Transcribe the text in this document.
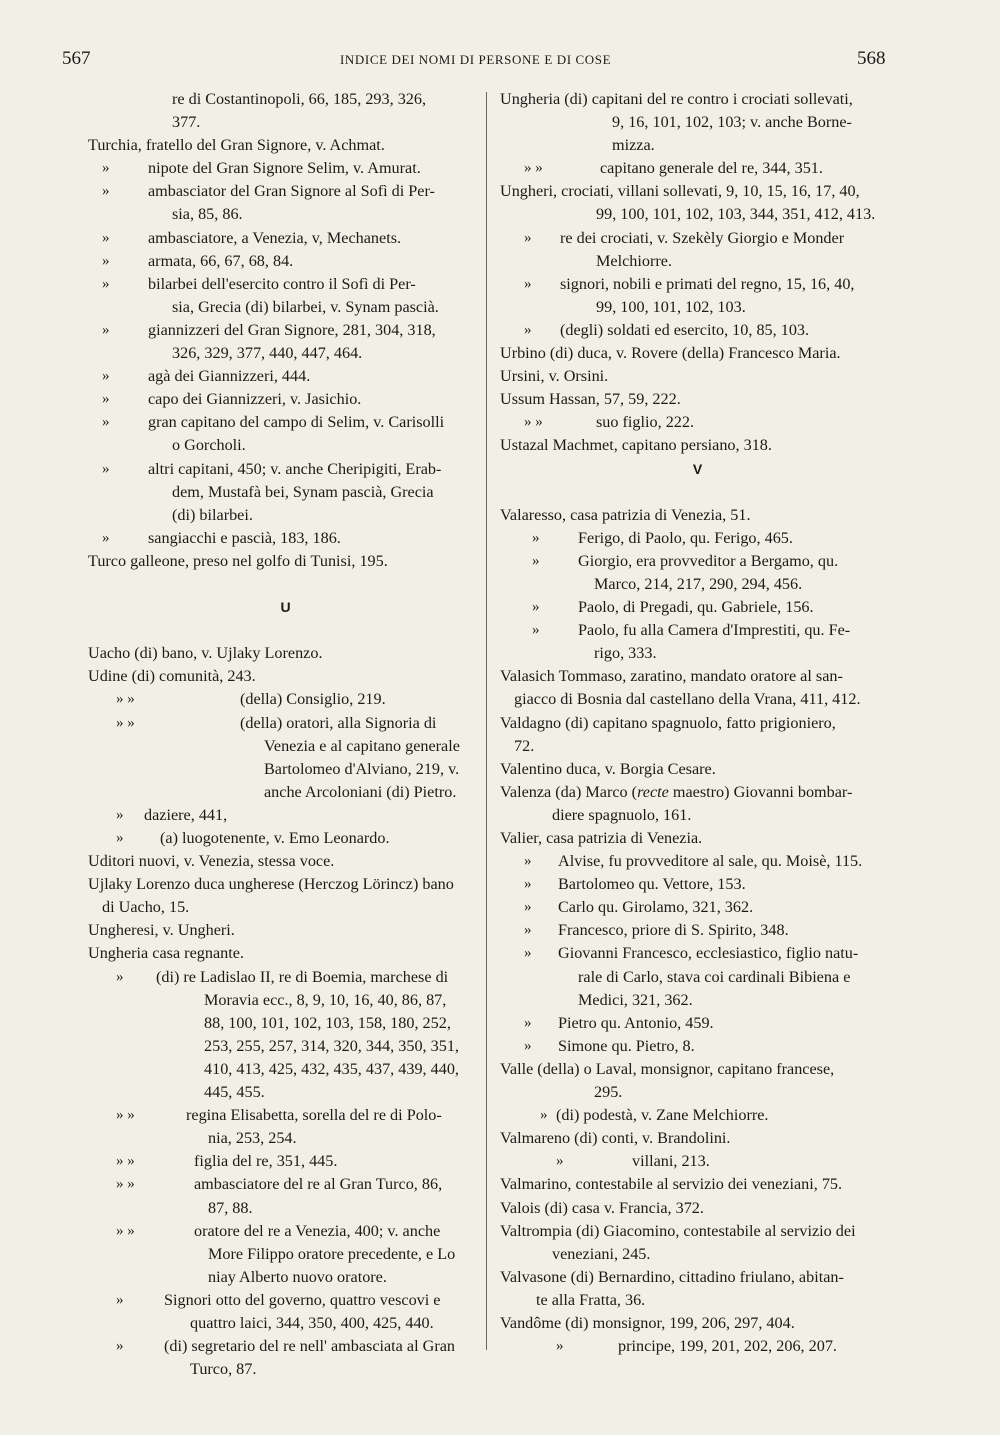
567	INDICE DEI NOMI DI PERSONE E DI COSE	568
re di Costantinopoli, 66, 185, 293, 326,
377.
Turchia, fratello del Gran Signore, v. Achmat.
» nipote del Gran Signore Selim, v. Amurat.
» ambasciator del Gran Signore al Sofì di Per-
sia, 85, 86.
» ambasciatore, a Venezia, v, Mechanets.
» armata, 66, 67, 68, 84.
» bilarbei dell'esercito contro il Sofì di Per-
sia, Grecia (di) bilarbei, v. Synam pascià.
» giannizzeri del Gran Signore, 281, 304, 318,
326, 329, 377, 440, 447, 464.
» agà dei Giannizzeri, 444.
» capo dei Giannizzeri, v. Jasichio.
» gran capitano del campo di Selim, v. Carisolli
o Gorcholi.
» altri capitani, 450; v. anche Cheripigiti, Erab-
dem, Mustafà bei, Synam pascià, Grecia
(di) bilarbei.
» sangiacchi e pascià, 183, 186.
Turco galleone, preso nel golfo di Tunisi, 195.
U
Uacho (di) bano, v. Ujlaky Lorenzo.
Udine (di) comunità, 243.
» »	(della) Consiglio, 219.
» »	(della) oratori, alla Signoria di
Venezia e al capitano generale
Bartolomeo d'Alviano, 219, v.
anche Arcoloniani (di) Pietro.
» daziere, 441,
» (a) luogotenente, v. Emo Leonardo.
Uditori nuovi, v. Venezia, stessa voce.
Ujlaky Lorenzo duca ungherese (Herczog Lörincz) bano
di Uacho, 15.
Ungheresi, v. Ungheri.
Ungheria casa regnante.
» (di) re Ladislao II, re di Boemia, marchese di
Moravia ecc., 8, 9, 10, 16, 40, 86, 87,
88, 100, 101, 102, 103, 158, 180, 252,
253, 255, 257, 314, 320, 344, 350, 351,
410, 413, 425, 432, 435, 437, 439, 440,
445, 455.
» »	regina Elisabetta, sorella del re di Polo-
nia, 253, 254.
» »	figlia del re, 351, 445.
» »	ambasciatore del re al Gran Turco, 86,
87, 88.
» »	oratore del re a Venezia, 400; v. anche
More Filippo oratore precedente, e Lo
niay Alberto nuovo oratore.
»	Signori otto del governo, quattro vescovi e
quattro laici, 344, 350, 400, 425, 440.
»	(di) segretario del re nell' ambasciata al Gran
Turco, 87.
Ungheria (di) capitani del re contro i crociati sollevati,
9, 16, 101, 102, 103; v. anche Borne-
mizza.
» »	capitano generale del re, 344, 351.
Ungheri, crociati, villani sollevati, 9, 10, 15, 16, 17, 40,
99, 100, 101, 102, 103, 344, 351, 412, 413.
» re dei crociati, v. Szekèly Giorgio e Monder
Melchiorre.
» signori, nobili e primati del regno, 15, 16, 40,
99, 100, 101, 102, 103.
» (degli) soldati ed esercito, 10, 85, 103.
Urbino (di) duca, v. Rovere (della) Francesco Maria.
Ursini, v. Orsini.
Ussum Hassan, 57, 59, 222.
» »	suo figlio, 222.
Ustazal Machmet, capitano persiano, 318.
V
Valaresso, casa patrizia di Venezia, 51.
» Ferigo, di Paolo, qu. Ferigo, 465.
» Giorgio, era provveditor a Bergamo, qu.
Marco, 214, 217, 290, 294, 456.
» Paolo, di Pregadi, qu. Gabriele, 156.
» Paolo, fu alla Camera d'Imprestiti, qu. Fe-
rigo, 333.
Valasich Tommaso, zaratino, mandato oratore al san-
giacco di Bosnia dal castellano della Vrana, 411, 412.
Valdagno (di) capitano spagnuolo, fatto prigioniero,
72.
Valentino duca, v. Borgia Cesare.
Valenza (da) Marco (recte maestro) Giovanni bombar-
diere spagnuolo, 161.
Valier, casa patrizia di Venezia.
» Alvise, fu provveditore al sale, qu. Moisè, 115.
» Bartolomeo qu. Vettore, 153.
» Carlo qu. Girolamo, 321, 362.
» Francesco, priore di S. Spirito, 348.
» Giovanni Francesco, ecclesiastico, figlio natu-
rale di Carlo, stava coi cardinali Bibiena e
Medici, 321, 362.
» Pietro qu. Antonio, 459.
» Simone qu. Pietro, 8.
Valle (della) o Laval, monsignor, capitano francese,
295.
» (di) podestà, v. Zane Melchiorre.
Valmareno (di) conti, v. Brandolini.
»	villani, 213.
Valmarino, contestabile al servizio dei veneziani, 75.
Valois (di) casa v. Francia, 372.
Valtrompia (di) Giacomino, contestabile al servizio dei
veneziani, 245.
Valvasone (di) Bernardino, cittadino friulano, abitan-
te alla Fratta, 36.
Vandôme (di) monsignor, 199, 206, 297, 404.
»	principe, 199, 201, 202, 206, 207.
